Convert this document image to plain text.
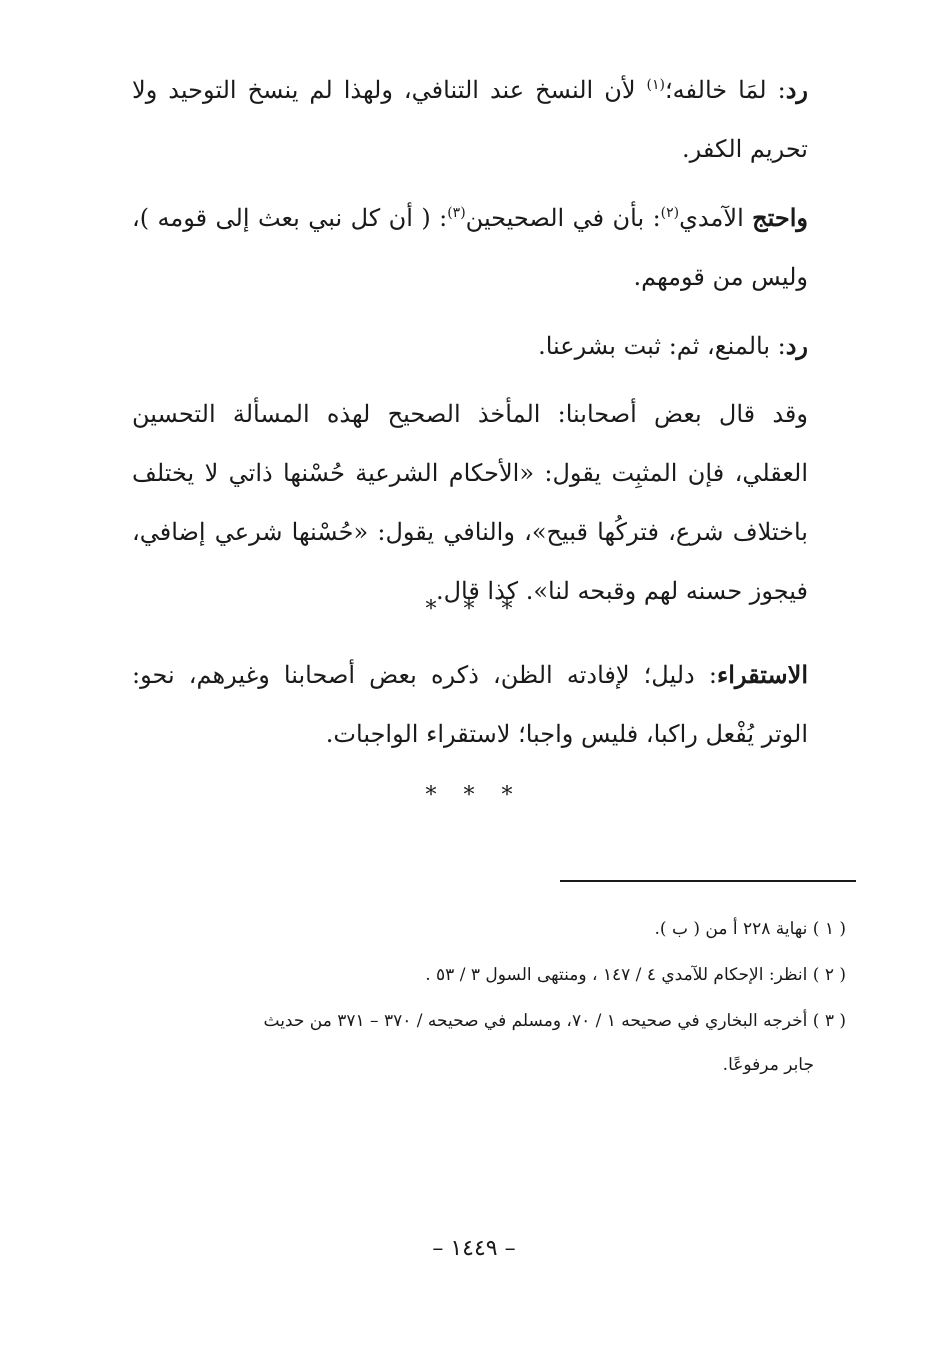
رد: لمَا خالفه؛$^{(١)}$ لأن النسخ عند التنافي، ولهذا لم ينسخ التوحيد ولا تحريم الكفر.

واحتج الآمدي$^{(٢)}$: بأن في الصحيحين$^{(٣)}$: ( أن كل نبي بعث إلى قومه )، وليس من قومهم.

رد: بالمنع، ثم: ثبت بشرعنا.

وقد قال بعض أصحابنا: المأخذ الصحيح لهذه المسألة التحسين العقلي، فإن المثبِت يقول: «الأحكام الشرعية حُسْنها ذاتي لا يختلف باختلاف شرع، فتركُها قبيح»، والنافي يقول: «حُسْنها شرعي إضافي، فيجوز حسنه لهم وقبحه لنا». كذا قال.

* * *

الاستقراء: دليل؛ لإفادته الظن، ذكره بعض أصحابنا وغيرهم، نحو: الوتر يُفْعل راكبا، فليس واجبا؛ لاستقراء الواجبات.

* * *

( ١ ) نهاية ٢٢٨ أ من ( ب ).

( ٢ ) انظر: الإحكام للآمدي ٤ / ١٤٧ ، ومنتهى السول ٣ / ٥٣ .

( ٣ ) أخرجه البخاري في صحيحه ١ / ٧٠، ومسلم في صحيحه / ٣٧٠ – ٣٧١ من حديث

جابر مرفوعًا.

– ١٤٤٩ –
